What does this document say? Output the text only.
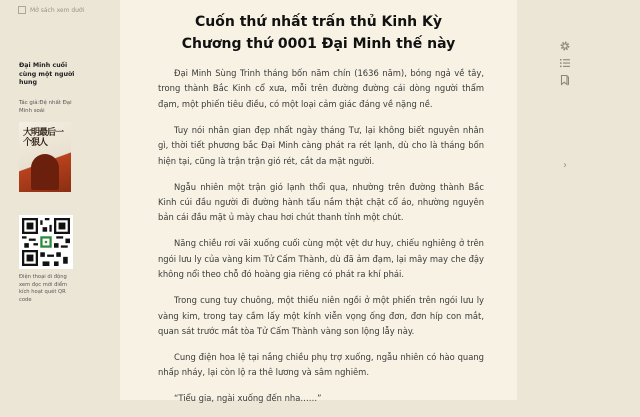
Mở sách xem dưới
Đại Minh cuối cùng một người hung
Tác giả:Đệ nhất Đại Minh soái
大明最后一个狠人
Điện thoại di động xem đọc mời điểm kích hoạt quét QR code
Cuốn thứ nhất trấn thủ Kinh Kỳ
Chương thứ 0001 Đại Minh thế này

Đại Minh Sùng Trinh tháng bốn năm chín (1636 năm), bóng ngả về tây, trong thành Bắc Kinh cổ xưa, mỗi trên đường đường cái dòng người thẩm đạm, một phiến tiêu điều, có một loại cảm giác đáng về nặng nề.

Tuy nói nhân gian đẹp nhất ngày tháng Tư, lại không biết nguyên nhân gì, thời tiết phương bắc Đại Minh càng phát ra rét lạnh, dù cho là tháng bốn hiện tại, cũng là trận trận gió rét, cắt da mặt người.

Ngẫu nhiên một trận gió lạnh thổi qua, nhường trên đường thành Bắc Kinh cúi đầu người đi đường hành tẩu nắm thật chặt cổ áo, nhường nguyên bản cái đầu mặt ủ mày chau hơi chút thanh tỉnh một chút.

Năng chiều rơi vãi xuống cuối cùng một vệt dư huy, chiếu nghiêng ở trên ngói lưu ly của vàng kim Tử Cấm Thành, dù đã ảm đạm, lại mây may che đậy không nổi theo chỗ đó hoàng gia riêng có phát ra khí phái.

Trong cung tuy chuông, một thiếu niên ngồi ở một phiến trên ngói lưu ly vàng kim, trong tay cầm lấy một kính viễn vọng ống đơn, đơn híp con mắt, quan sát trước mắt tòa Tử Cấm Thành vàng son lộng lẫy này.

Cung điện hoa lệ tại nắng chiều phụ trợ xuống, ngẫu nhiên có hào quang nhấp nháy, lại còn lộ ra thê lương và sâm nghiêm.

“Tiểu gia, ngài xuống đến nha……”

›
